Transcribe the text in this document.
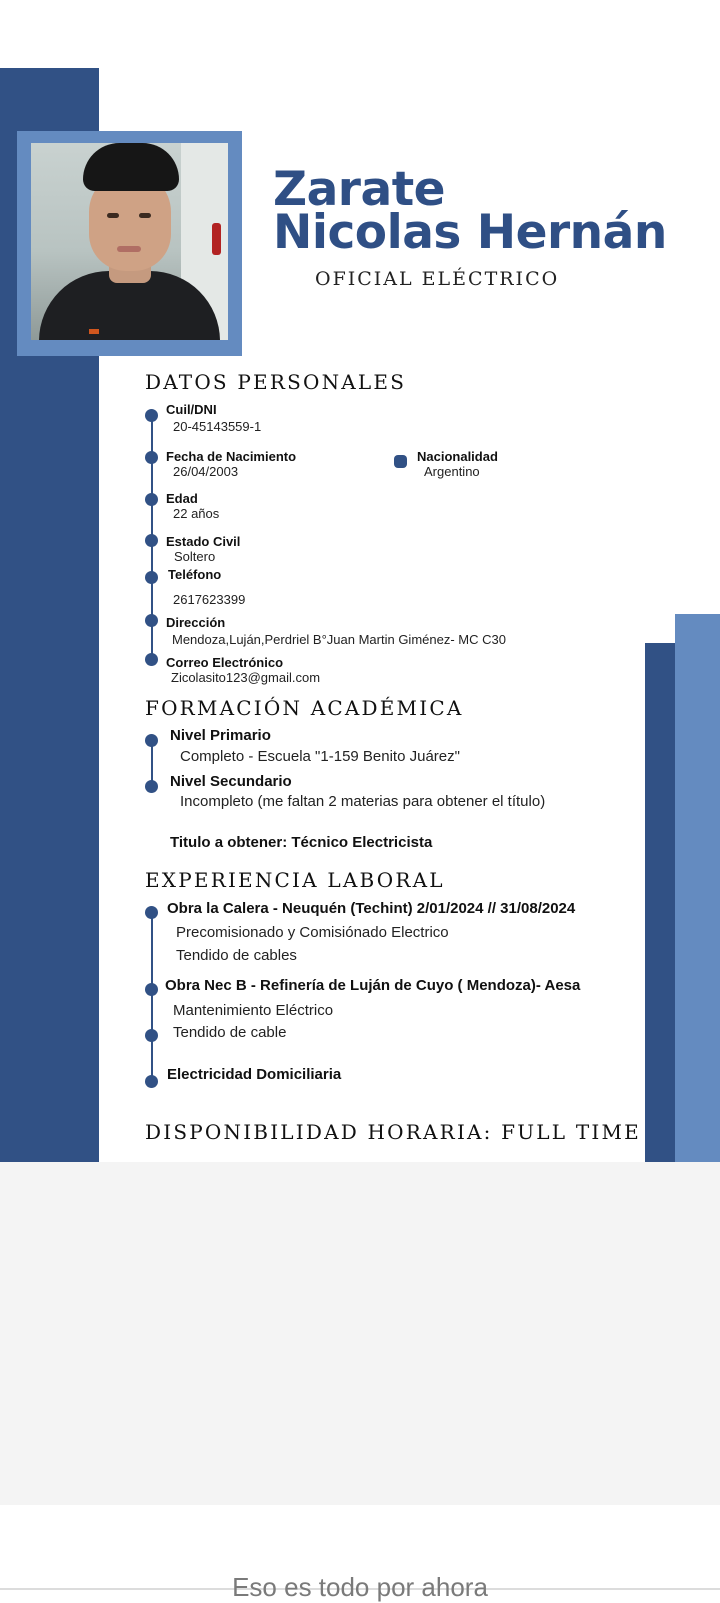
Zarate
Nicolas Hernán
OFICIAL ELÉCTRICO
DATOS PERSONALES
Cuil/DNI
20-45143559-1
Fecha de Nacimiento
26/04/2003
Nacionalidad
Argentino
Edad
22 años
Estado Civil
Soltero
Teléfono
2617623399
Dirección
Mendoza,Luján,Perdriel B°Juan Martin Giménez- MC C30
Correo Electrónico
Zicolasito123@gmail.com
FORMACIÓN ACADÉMICA
Nivel Primario
Completo - Escuela "1-159 Benito Juárez"
Nivel Secundario
Incompleto (me faltan 2 materias para obtener el título)
Titulo a obtener: Técnico Electricista
EXPERIENCIA LABORAL
Obra la Calera - Neuquén (Techint) 2/01/2024 // 31/08/2024
Precomisionado y Comisiónado Electrico
Tendido de cables
Obra Nec B - Refinería de Luján de Cuyo ( Mendoza)- Aesa
Mantenimiento Eléctrico
Tendido de cable
Electricidad Domiciliaria
DISPONIBILIDAD HORARIA: FULL TIME
Eso es todo por ahora
